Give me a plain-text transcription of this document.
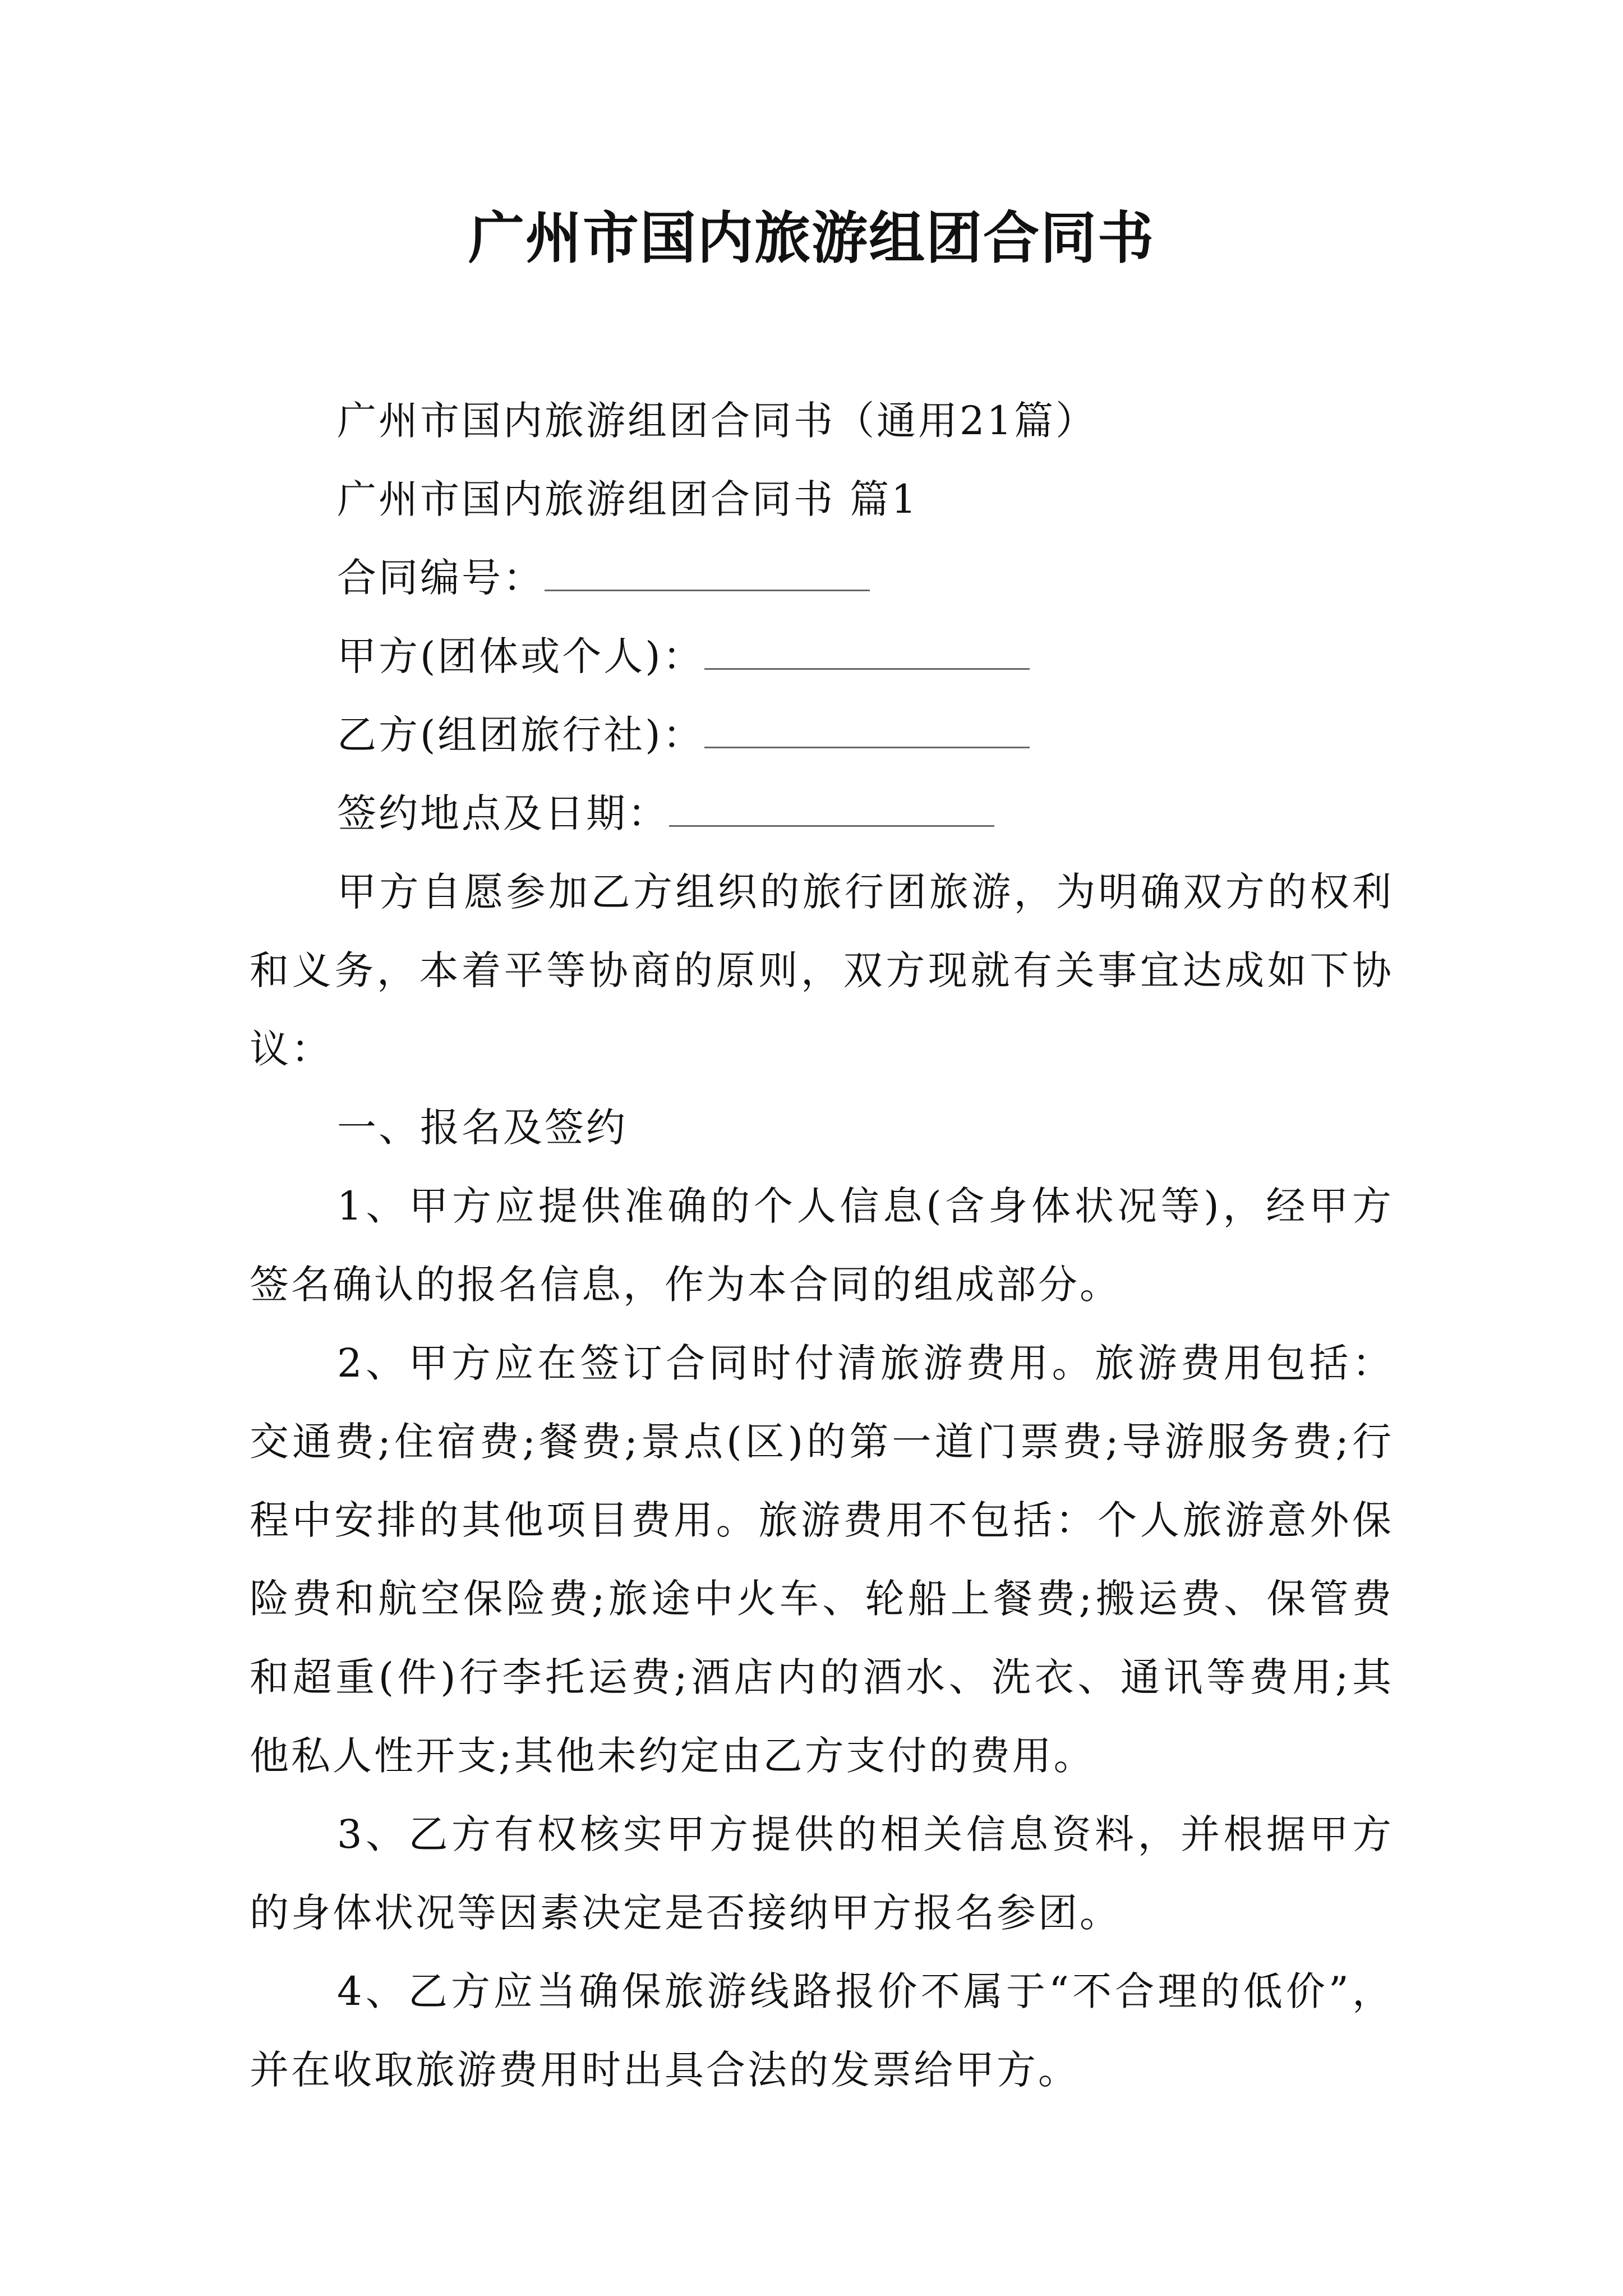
广州市国内旅游组团合同书

广州市国内旅游组团合同书（通用21篇）

广州市国内旅游组团合同书 篇1

合同编号：

甲方(团体或个人)：

乙方(组团旅行社)：

签约地点及日期：

甲方自愿参加乙方组织的旅行团旅游，为明确双方的权利和义务，本着平等协商的原则，双方现就有关事宜达成如下协议：

一、报名及签约

1、甲方应提供准确的个人信息(含身体状况等)，经甲方签名确认的报名信息，作为本合同的组成部分。

2、甲方应在签订合同时付清旅游费用。旅游费用包括：交通费;住宿费;餐费;景点(区)的第一道门票费;导游服务费;行程中安排的其他项目费用。旅游费用不包括：个人旅游意外保险费和航空保险费;旅途中火车、轮船上餐费;搬运费、保管费和超重(件)行李托运费;酒店内的酒水、洗衣、通讯等费用;其他私人性开支;其他未约定由乙方支付的费用。

3、乙方有权核实甲方提供的相关信息资料，并根据甲方的身体状况等因素决定是否接纳甲方报名参团。

4、乙方应当确保旅游线路报价不属于“不合理的低价”，并在收取旅游费用时出具合法的发票给甲方。
